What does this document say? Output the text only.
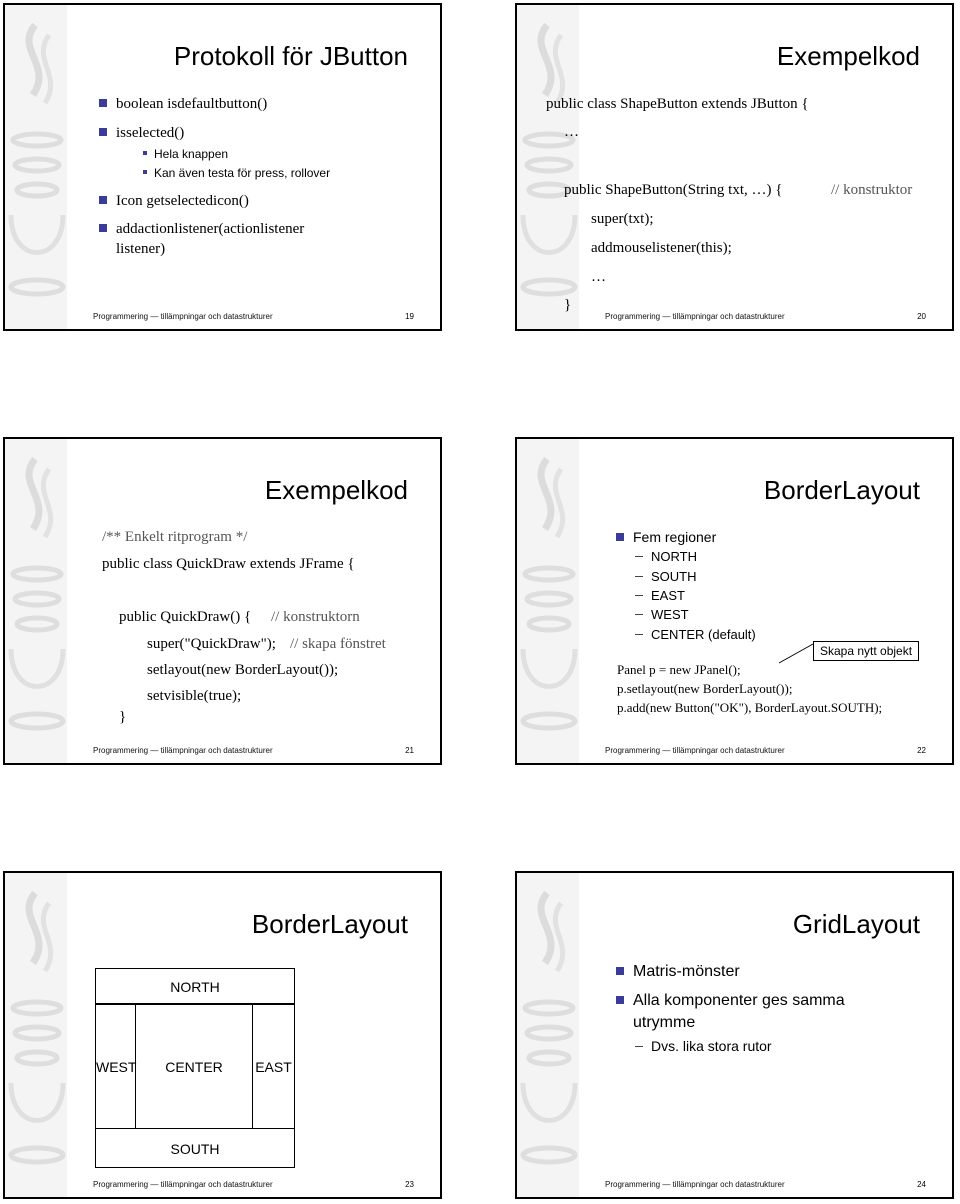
Protokoll för JButton
boolean isdefaultbutton()
isselected()
Hela knappen
Kan även testa för press, rollover
Icon getselectedicon()
addactionlistener(actionlistener
listener)
Programmering — tillämpningar och datastrukturer	19
Exempelkod
public class ShapeButton extends JButton {
…
public ShapeButton(String txt, …) {	// konstruktor
super(txt);
addmouselistener(this);
…
}
Programmering — tillämpningar och datastrukturer	20
Exempelkod
/** Enkelt ritprogram */
public class QuickDraw extends JFrame {
public QuickDraw() { // konstruktorn
super("QuickDraw"); // skapa fönstret
setlayout(new BorderLayout());
setvisible(true);
}
Programmering — tillämpningar och datastrukturer	21
BorderLayout
Fem regioner
NORTH
SOUTH
EAST
WEST
CENTER (default)
Skapa nytt objekt
Panel p = new JPanel();
p.setlayout(new BorderLayout());
p.add(new Button("OK"), BorderLayout.SOUTH);
Programmering — tillämpningar och datastrukturer	22
BorderLayout
NORTH
WEST	CENTER	EAST
SOUTH
Programmering — tillämpningar och datastrukturer	23
GridLayout
Matris-mönster
Alla komponenter ges samma
utrymme
Dvs. lika stora rutor
Programmering — tillämpningar och datastrukturer	24
